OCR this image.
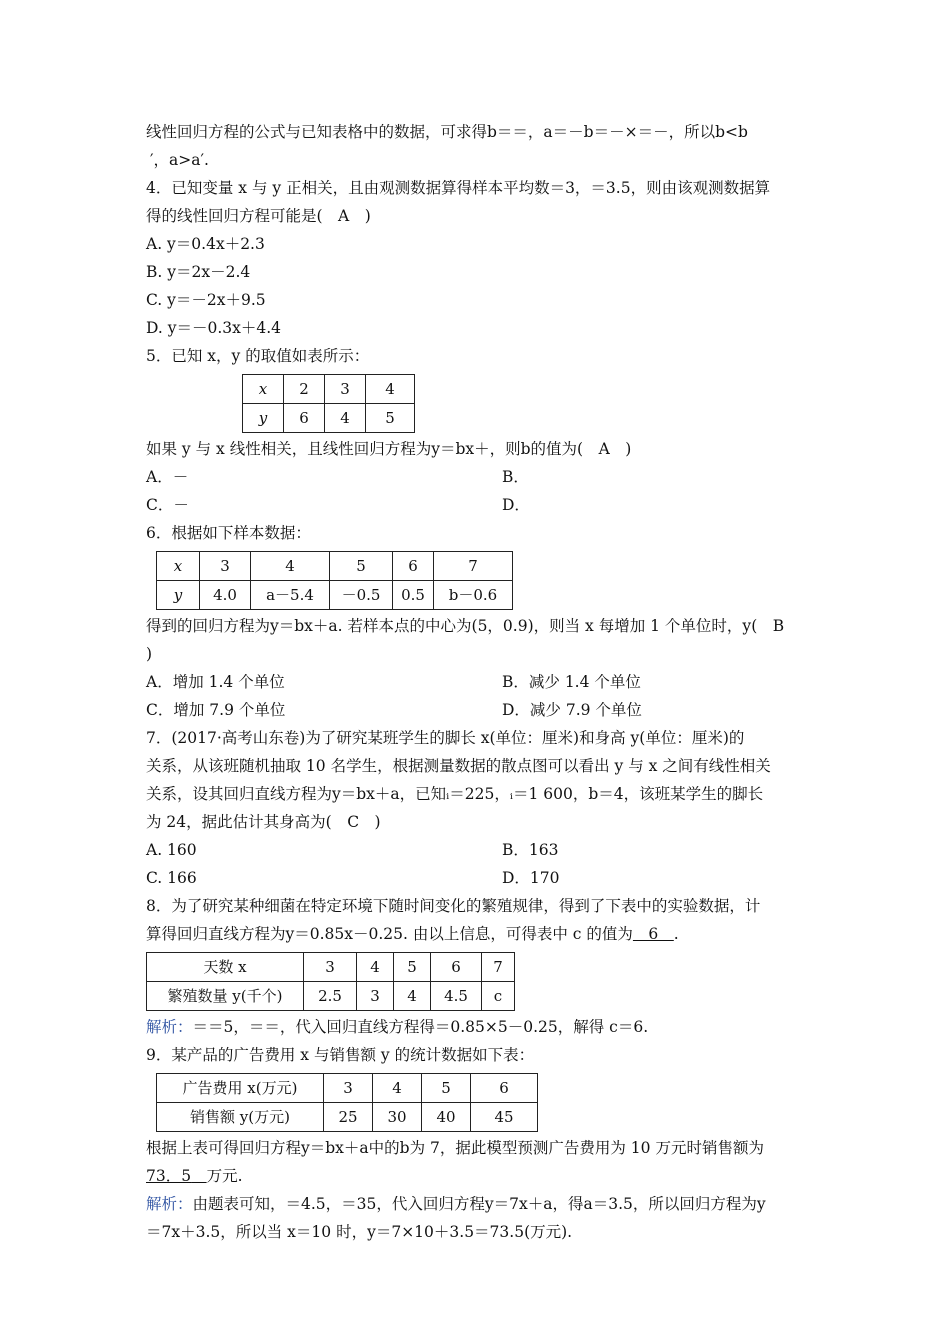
线性回归方程的公式与已知表格中的数据，可求得b＝＝，a＝－b＝－×＝－，所以b<b
′，a>a′.
4．已知变量 x 与 y 正相关，且由观测数据算得样本平均数＝3，＝3.5，则由该观测数据算
得的线性回归方程可能是(　A　)
A. y＝0.4x＋2.3
B. y＝2x－2.4
C. y＝－2x＋9.5
D. y＝－0.3x＋4.4
5．已知 x，y 的取值如表所示：
x	2	3	4
y	6	4	5
如果 y 与 x 线性相关，且线性回归方程为y＝bx＋，则b的值为(　A　)
A．－	B．
C．－	D．
6．根据如下样本数据：
x	3	4	5	6	7
y	4.0	a－5.4	－0.5	0.5	b－0.6
得到的回归方程为y＝bx＋a. 若样本点的中心为(5，0.9)，则当 x 每增加 1 个单位时，y(　B
)
A．增加 1.4 个单位	B．减少 1.4 个单位
C．增加 7.9 个单位	D．减少 7.9 个单位
7．(2017·高考山东卷)为了研究某班学生的脚长 x(单位：厘米)和身高 y(单位：厘米)的
关系，从该班随机抽取 10 名学生，根据测量数据的散点图可以看出 y 与 x 之间有线性相关
关系，设其回归直线方程为y＝bx＋a，已知ᵢ＝225，ᵢ＝1 600，b＝4，该班某学生的脚长
为 24，据此估计其身高为(　C　)
A. 160	B．163
C. 166	D．170
8．为了研究某种细菌在特定环境下随时间变化的繁殖规律，得到了下表中的实验数据，计
算得回归直线方程为y＝0.85x－0.25. 由以上信息，可得表中 c 的值为　6　.
天数 x	3	4	5	6	7
繁殖数量 y(千个)	2.5	3	4	4.5	c
解析：＝＝5，＝＝，代入回归直线方程得＝0.85×5－0.25，解得 c＝6.
9．某产品的广告费用 x 与销售额 y 的统计数据如下表：
广告费用 x(万元)	3	4	5	6
销售额 y(万元)	25	30	40	45
根据上表可得回归方程y＝bx＋a中的b为 7，据此模型预测广告费用为 10 万元时销售额为
73．5　 万元.
解析：由题表可知，＝4.5，＝35，代入回归方程y＝7x＋a，得a＝3.5，所以回归方程为y
＝7x＋3.5，所以当 x＝10 时，y＝7×10＋3.5＝73.5(万元).
